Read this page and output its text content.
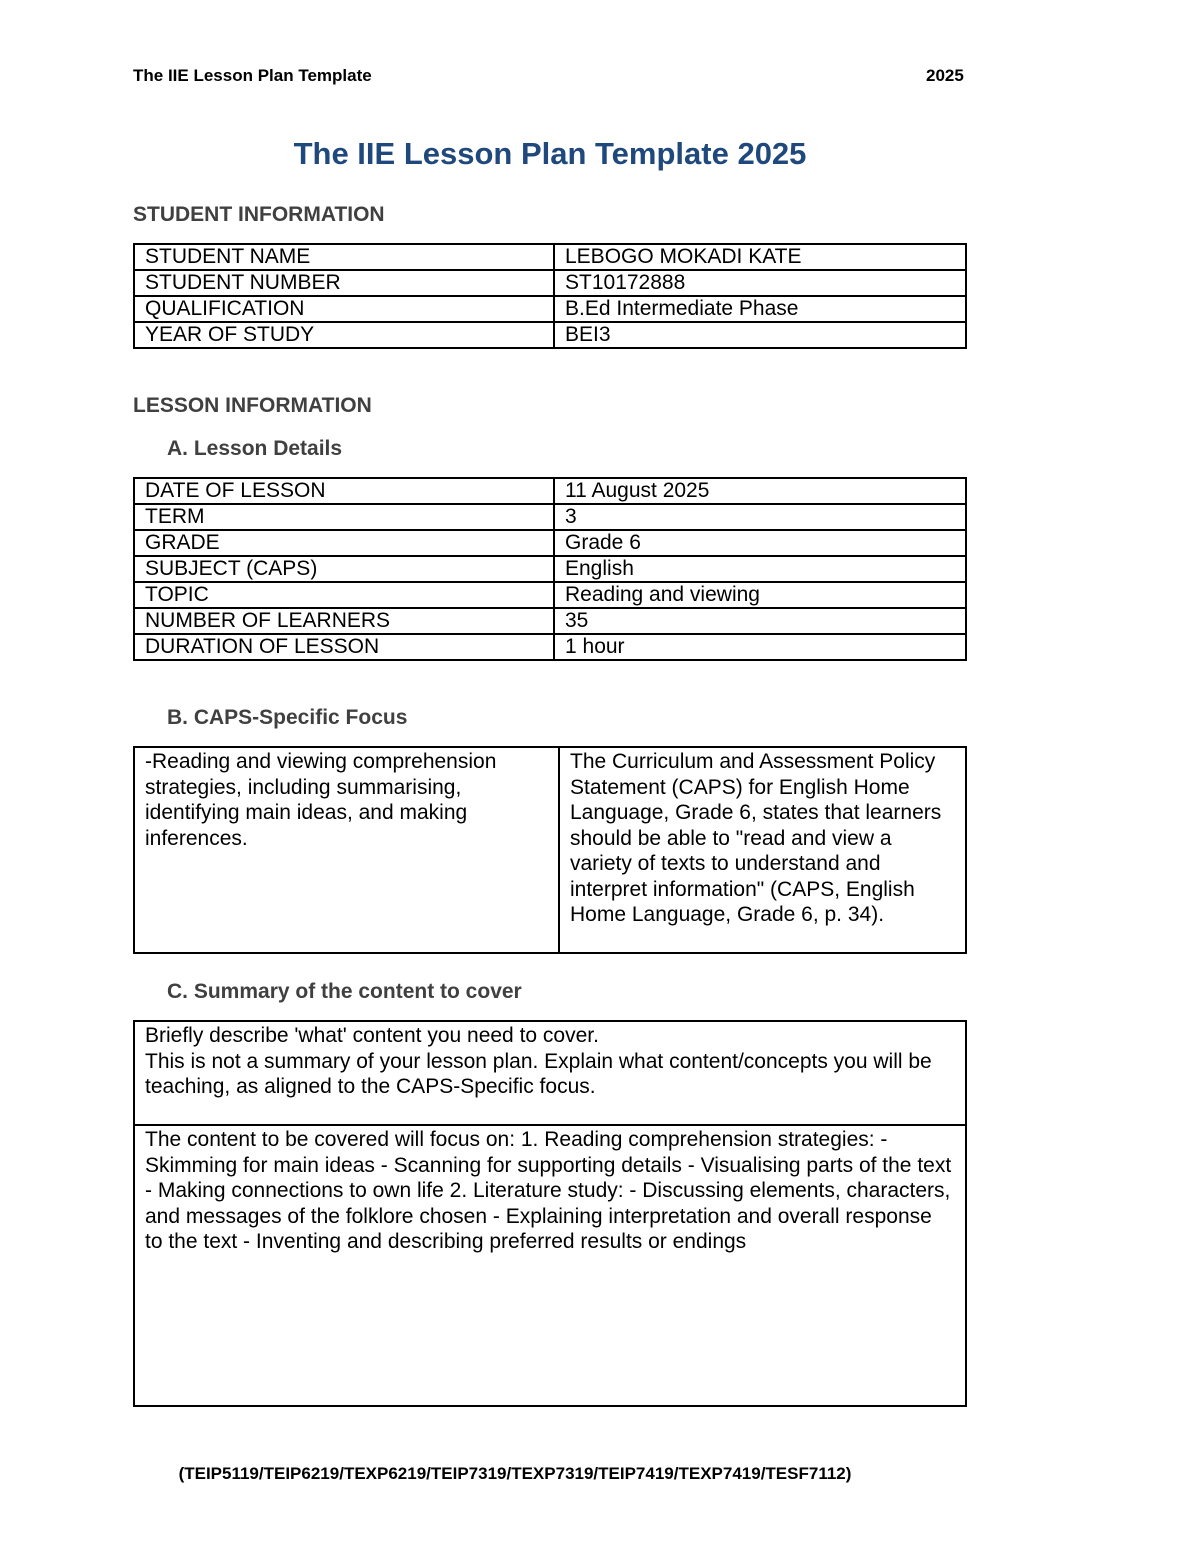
The IIE Lesson Plan Template	2025
The IIE Lesson Plan Template 2025
STUDENT INFORMATION
STUDENT NAME	LEBOGO MOKADI KATE
STUDENT NUMBER	ST10172888
QUALIFICATION	B.Ed Intermediate Phase
YEAR OF STUDY	BEI3
LESSON INFORMATION
A. Lesson Details
DATE OF LESSON	11 August 2025
TERM	3
GRADE	Grade 6
SUBJECT (CAPS)	English
TOPIC	Reading and viewing
NUMBER OF LEARNERS	35
DURATION OF LESSON	1 hour
B. CAPS-Specific Focus
-Reading and viewing comprehension strategies, including summarising, identifying main ideas, and making inferences.	The Curriculum and Assessment Policy Statement (CAPS) for English Home Language, Grade 6, states that learners should be able to "read and view a variety of texts to understand and interpret information" (CAPS, English Home Language, Grade 6, p. 34).
C. Summary of the content to cover
Briefly describe 'what' content you need to cover.
This is not a summary of your lesson plan. Explain what content/concepts you will be teaching, as aligned to the CAPS-Specific focus.

The content to be covered will focus on: 1. Reading comprehension strategies: - Skimming for main ideas - Scanning for supporting details - Visualising parts of the text - Making connections to own life 2. Literature study: - Discussing elements, characters, and messages of the folklore chosen - Explaining interpretation and overall response to the text - Inventing and describing preferred results or endings
(TEIP5119/TEIP6219/TEXP6219/TEIP7319/TEXP7319/TEIP7419/TEXP7419/TESF7112)
